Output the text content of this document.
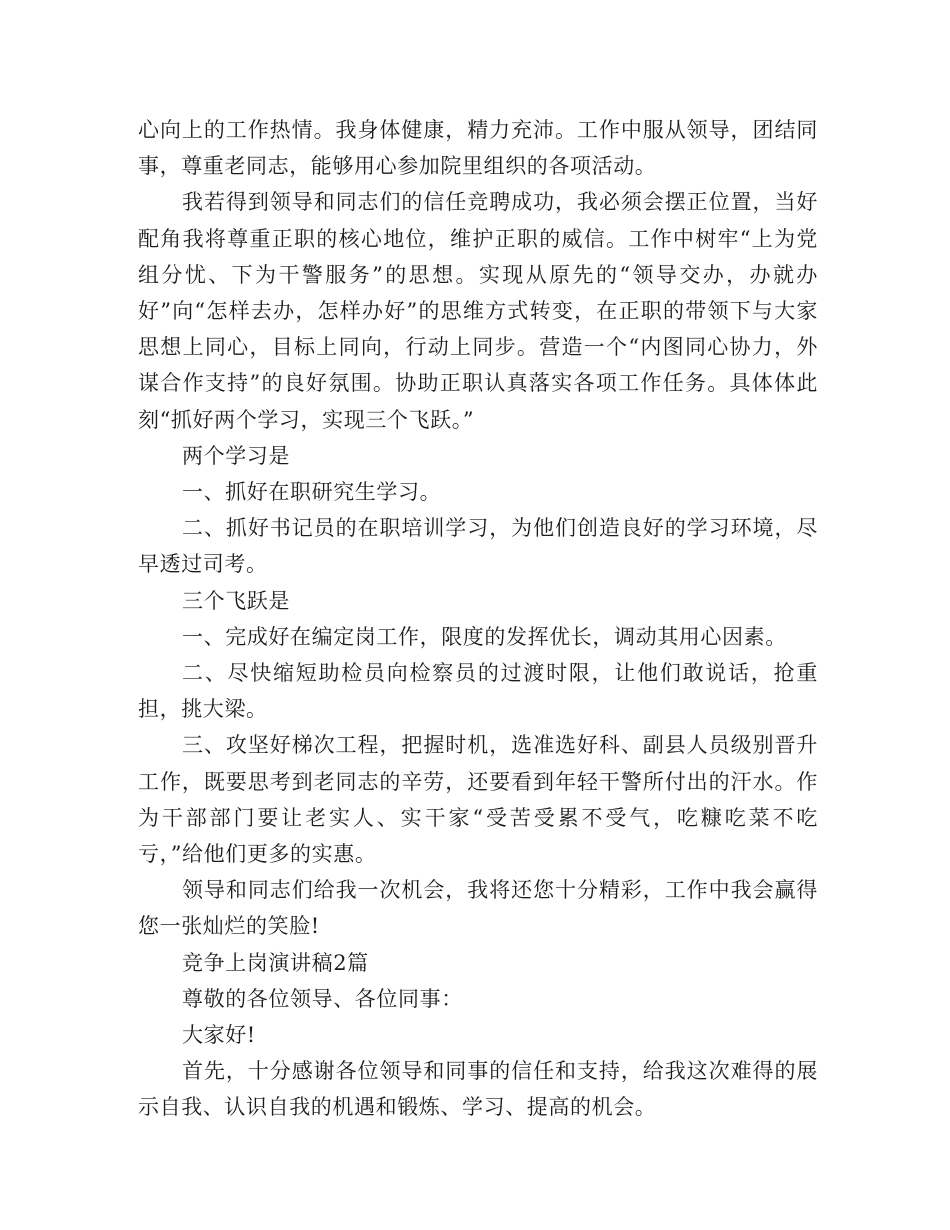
心向上的工作热情。我身体健康，精力充沛。工作中服从领导，团结同事，尊重老同志，能够用心参加院里组织的各项活动。

我若得到领导和同志们的信任竞聘成功，我必须会摆正位置，当好配角我将尊重正职的核心地位，维护正职的威信。工作中树牢“上为党组分忧、下为干警服务”的思想。实现从原先的“领导交办，办就办好”向“怎样去办，怎样办好”的思维方式转变，在正职的带领下与大家思想上同心，目标上同向，行动上同步。营造一个“内图同心协力，外谋合作支持”的良好氛围。协助正职认真落实各项工作任务。具体体此刻“抓好两个学习，实现三个飞跃。”

两个学习是

一、抓好在职研究生学习。

二、抓好书记员的在职培训学习，为他们创造良好的学习环境，尽早透过司考。

三个飞跃是

一、完成好在编定岗工作，限度的发挥优长，调动其用心因素。

二、尽快缩短助检员向检察员的过渡时限，让他们敢说话，抢重担，挑大梁。

三、攻坚好梯次工程，把握时机，选准选好科、副县人员级别晋升工作，既要思考到老同志的辛劳，还要看到年轻干警所付出的汗水。作为干部部门要让老实人、实干家“受苦受累不受气，吃糠吃菜不吃亏，”给他们更多的实惠。

领导和同志们给我一次机会，我将还您十分精彩，工作中我会赢得您一张灿烂的笑脸!

竞争上岗演讲稿2篇

尊敬的各位领导、各位同事：

大家好!

首先，十分感谢各位领导和同事的信任和支持，给我这次难得的展示自我、认识自我的机遇和锻炼、学习、提高的机会。
